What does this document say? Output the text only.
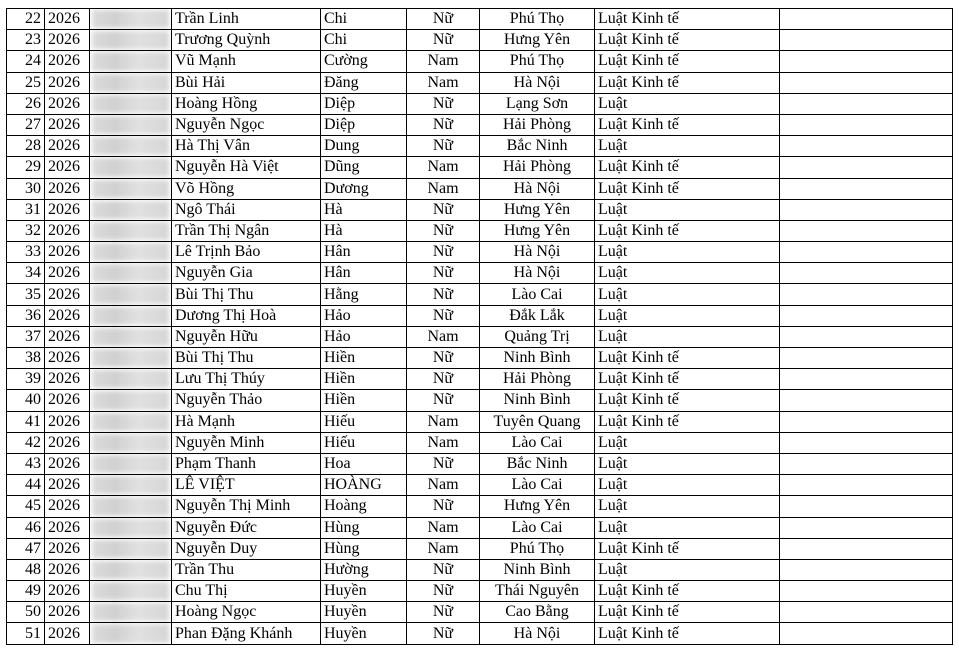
22	2026		Trần Linh	Chi	Nữ	Phú Thọ	Luật Kinh tế	
23	2026		Trương Quỳnh	Chi	Nữ	Hưng Yên	Luật Kinh tế	
24	2026		Vũ Mạnh	Cường	Nam	Phú Thọ	Luật Kinh tế	
25	2026		Bùi Hải	Đăng	Nam	Hà Nội	Luật Kinh tế	
26	2026		Hoàng Hồng	Diệp	Nữ	Lạng Sơn	Luật	
27	2026		Nguyễn Ngọc	Diệp	Nữ	Hải Phòng	Luật Kinh tế	
28	2026		Hà Thị Vân	Dung	Nữ	Bắc Ninh	Luật	
29	2026		Nguyễn Hà Việt	Dũng	Nam	Hải Phòng	Luật Kinh tế	
30	2026		Võ Hồng	Dương	Nam	Hà Nội	Luật Kinh tế	
31	2026		Ngô Thái	Hà	Nữ	Hưng Yên	Luật	
32	2026		Trần Thị Ngân	Hà	Nữ	Hưng Yên	Luật Kinh tế	
33	2026		Lê Trịnh Bảo	Hân	Nữ	Hà Nội	Luật	
34	2026		Nguyễn Gia	Hân	Nữ	Hà Nội	Luật	
35	2026		Bùi Thị Thu	Hằng	Nữ	Lào Cai	Luật	
36	2026		Dương Thị Hoà	Hảo	Nữ	Đắk Lắk	Luật	
37	2026		Nguyễn Hữu	Hảo	Nam	Quảng Trị	Luật	
38	2026		Bùi Thị Thu	Hiền	Nữ	Ninh Bình	Luật Kinh tế	
39	2026		Lưu Thị Thúy	Hiền	Nữ	Hải Phòng	Luật Kinh tế	
40	2026		Nguyễn Thảo	Hiền	Nữ	Ninh Bình	Luật Kinh tế	
41	2026		Hà Mạnh	Hiếu	Nam	Tuyên Quang	Luật Kinh tế	
42	2026		Nguyễn Minh	Hiếu	Nam	Lào Cai	Luật	
43	2026		Phạm Thanh	Hoa	Nữ	Bắc Ninh	Luật	
44	2026		LÊ VIỆT	HOÀNG	Nam	Lào Cai	Luật	
45	2026		Nguyễn Thị Minh	Hoàng	Nữ	Hưng Yên	Luật	
46	2026		Nguyễn Đức	Hùng	Nam	Lào Cai	Luật	
47	2026		Nguyễn Duy	Hùng	Nam	Phú Thọ	Luật Kinh tế	
48	2026		Trần Thu	Hường	Nữ	Ninh Bình	Luật	
49	2026		Chu Thị	Huyền	Nữ	Thái Nguyên	Luật Kinh tế	
50	2026		Hoàng Ngọc	Huyền	Nữ	Cao Bằng	Luật Kinh tế	
51	2026		Phan Đặng Khánh	Huyền	Nữ	Hà Nội	Luật Kinh tế	
